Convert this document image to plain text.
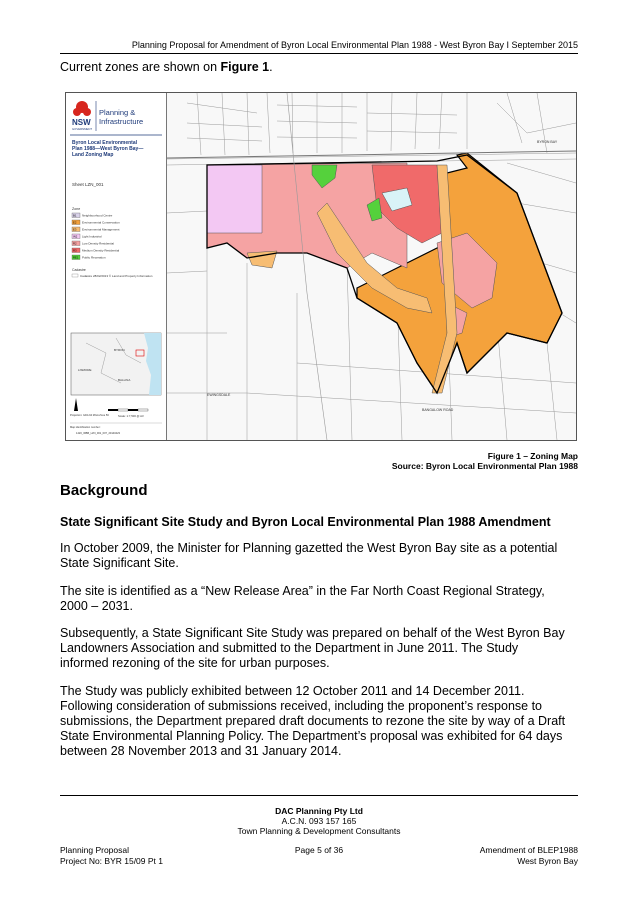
Planning Proposal for Amendment of Byron Local Environmental Plan 1988 - West Byron Bay I September 2015
Current zones are shown on Figure 1.
NSW
GOVERNMENT
Planning &
Infrastructure
Byron Local Environmental
Plan 1988—West Byron Bay—
Land Zoning Map
Sheet LZN_001
Zone
B1 Neighbourhood Centre
E2 Environmental Conservation
E3 Environmental Management
IN2 Light Industrial
R2 Low Density Residential
R3 Medium Density Residential
RE1 Public Recreation
Cadastre
Cadastre 28/02/2013 © Land and Property Information
BYRON
LISMORE
BALLINA
Projection: GDA 94 MGA Zone 56	Scale: 1:7,500 @ A3
Map identification number:
1420_WBB_LZN_001_007_20140423
EWINGSDALE
BANGALOW ROAD
BYRON BAY
Figure 1 – Zoning Map
Source: Byron Local Environmental Plan 1988
Background
State Significant Site Study and Byron Local Environmental Plan 1988 Amendment

In October 2009, the Minister for Planning gazetted the West Byron Bay site as a potential State Significant Site.

The site is identified as a “New Release Area” in the Far North Coast Regional Strategy, 2000 – 2031.

Subsequently, a State Significant Site Study was prepared on behalf of the West Byron Bay Landowners Association and submitted to the Department in June 2011. The Study informed rezoning of the site for urban purposes.

The Study was publicly exhibited between 12 October 2011 and 14 December 2011. Following consideration of submissions received, including the proponent’s response to submissions, the Department prepared draft documents to rezone the site by way of a Draft State Environmental Planning Policy. The Department’s proposal was exhibited for 64 days between 28 November 2013 and 31 January 2014.

DAC Planning Pty Ltd
A.C.N. 093 157 165
Town Planning & Development Consultants
Planning Proposal
Project No: BYR 15/09 Pt 1
Page 5 of 36	Amendment of BLEP1988
West Byron Bay
